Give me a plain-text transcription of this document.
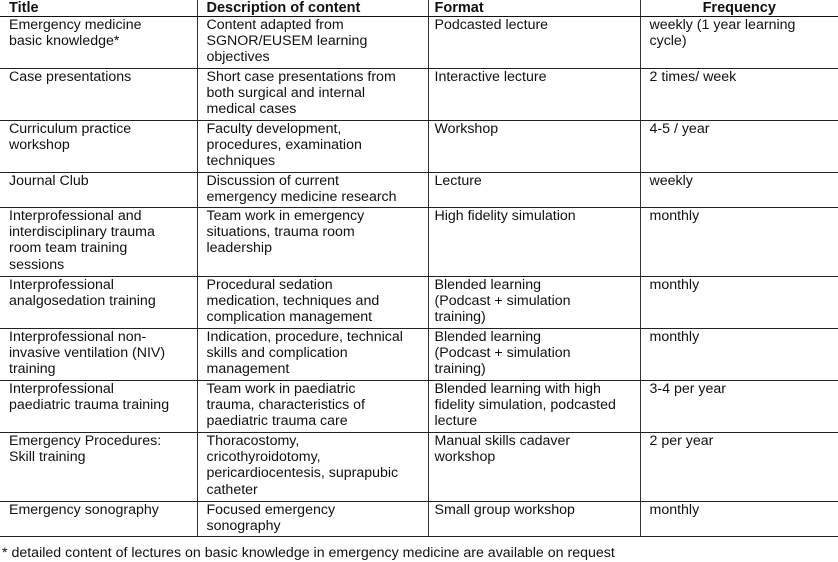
Title	Description of content	Format	Frequency
Emergency medicine
basic knowledge*	Content adapted from
SGNOR/EUSEM learning
objectives	Podcasted lecture	weekly (1 year learning
cycle)
Case presentations	Short case presentations from
both surgical and internal
medical cases	Interactive lecture	2 times/ week
Curriculum practice
workshop	Faculty development,
procedures, examination
techniques	Workshop	4-5 / year
Journal Club	Discussion of current
emergency medicine research	Lecture	weekly
Interprofessional and
interdisciplinary trauma
room team training
sessions	Team work in emergency
situations, trauma room
leadership	High fidelity simulation	monthly
Interprofessional
analgosedation training	Procedural sedation
medication, techniques and
complication management	Blended learning
(Podcast + simulation
training)	monthly
Interprofessional non-
invasive ventilation (NIV)
training	Indication, procedure, technical
skills and complication
management	Blended learning
(Podcast + simulation
training)	monthly
Interprofessional
paediatric trauma training	Team work in paediatric
trauma, characteristics of
paediatric trauma care	Blended learning with high
fidelity simulation, podcasted
lecture	3-4 per year
Emergency Procedures:
Skill training	Thoracostomy,
cricothyroidotomy,
pericardiocentesis, suprapubic
catheter	Manual skills cadaver
workshop	2 per year
Emergency sonography	Focused emergency
sonography	Small group workshop	monthly
* detailed content of lectures on basic knowledge in emergency medicine are available on request
